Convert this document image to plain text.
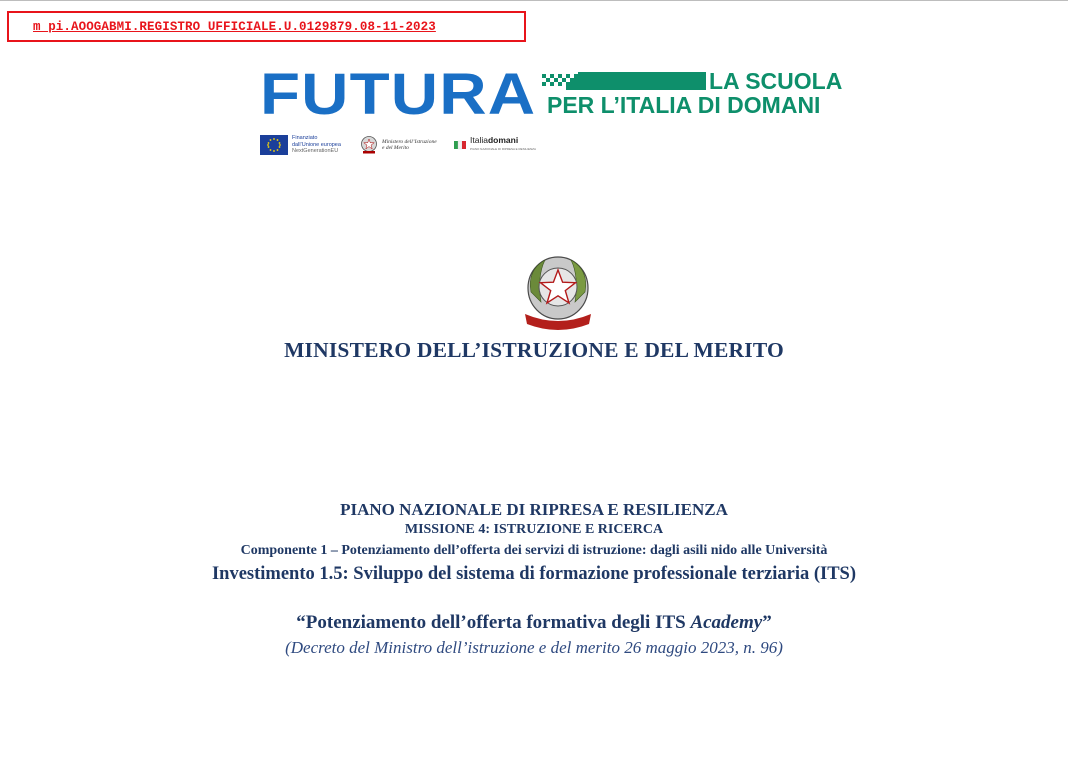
m_pi.AOOGABMI.REGISTRO UFFICIALE.U.0129879.08-11-2023
FUTURA	LA SCUOLA
PER L’ITALIA DI DOMANI
Finanziato
dall’Unione europea
NextGenerationEU
Ministero dell’Istruzione
e del Merito
Italiadomani
PIANO NAZIONALE DI RIPRESA E RESILIENZA
MINISTERO DELL’ISTRUZIONE E DEL MERITO
PIANO NAZIONALE DI RIPRESA E RESILIENZA
MISSIONE 4: ISTRUZIONE E RICERCA
Componente 1 – Potenziamento dell’offerta dei servizi di istruzione: dagli asili nido alle Università
Investimento 1.5: Sviluppo del sistema di formazione professionale terziaria (ITS)
“Potenziamento dell’offerta formativa degli ITS Academy”
(Decreto del Ministro dell’istruzione e del merito 26 maggio 2023, n. 96)
